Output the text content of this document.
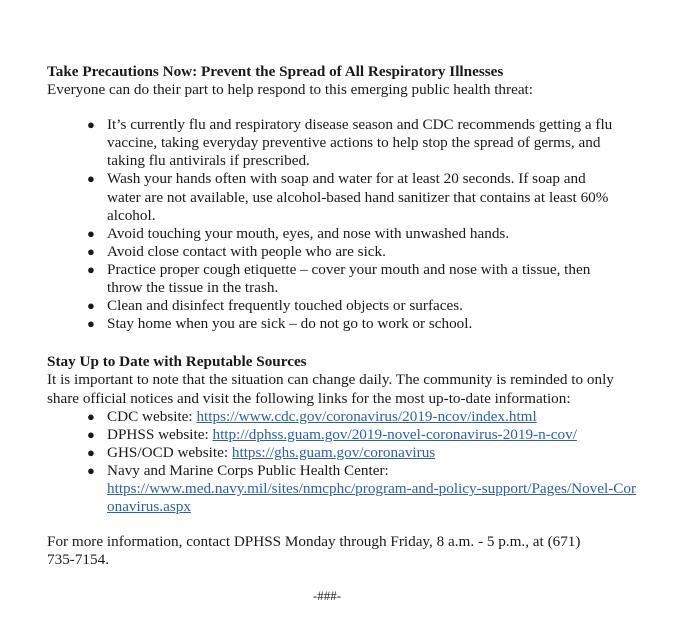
Take Precautions Now: Prevent the Spread of All Respiratory Illnesses

Everyone can do their part to help respond to this emerging public health threat:

● It’s currently flu and respiratory disease season and CDC recommends getting a flu vaccine, taking everyday preventive actions to help stop the spread of germs, and taking flu antivirals if prescribed.
● Wash your hands often with soap and water for at least 20 seconds. If soap and water are not available, use alcohol-based hand sanitizer that contains at least 60% alcohol.
● Avoid touching your mouth, eyes, and nose with unwashed hands.
● Avoid close contact with people who are sick.
● Practice proper cough etiquette – cover your mouth and nose with a tissue, then throw the tissue in the trash.
● Clean and disinfect frequently touched objects or surfaces.
● Stay home when you are sick – do not go to work or school.
Stay Up to Date with Reputable Sources

It is important to note that the situation can change daily. The community is reminded to only share official notices and visit the following links for the most up-to-date information:

● CDC website: https://www.cdc.gov/coronavirus/2019-ncov/index.html
● DPHSS website: http://dphss.guam.gov/2019-novel-coronavirus-2019-n-cov/
● GHS/OCD website: https://ghs.guam.gov/coronavirus
● Navy and Marine Corps Public Health Center:
https://www.med.navy.mil/sites/nmcphc/program-and-policy-support/Pages/Novel-Coronavirus.aspx

For more information, contact DPHSS Monday through Friday, 8 a.m. - 5 p.m., at (671) 735-7154.

-###-
